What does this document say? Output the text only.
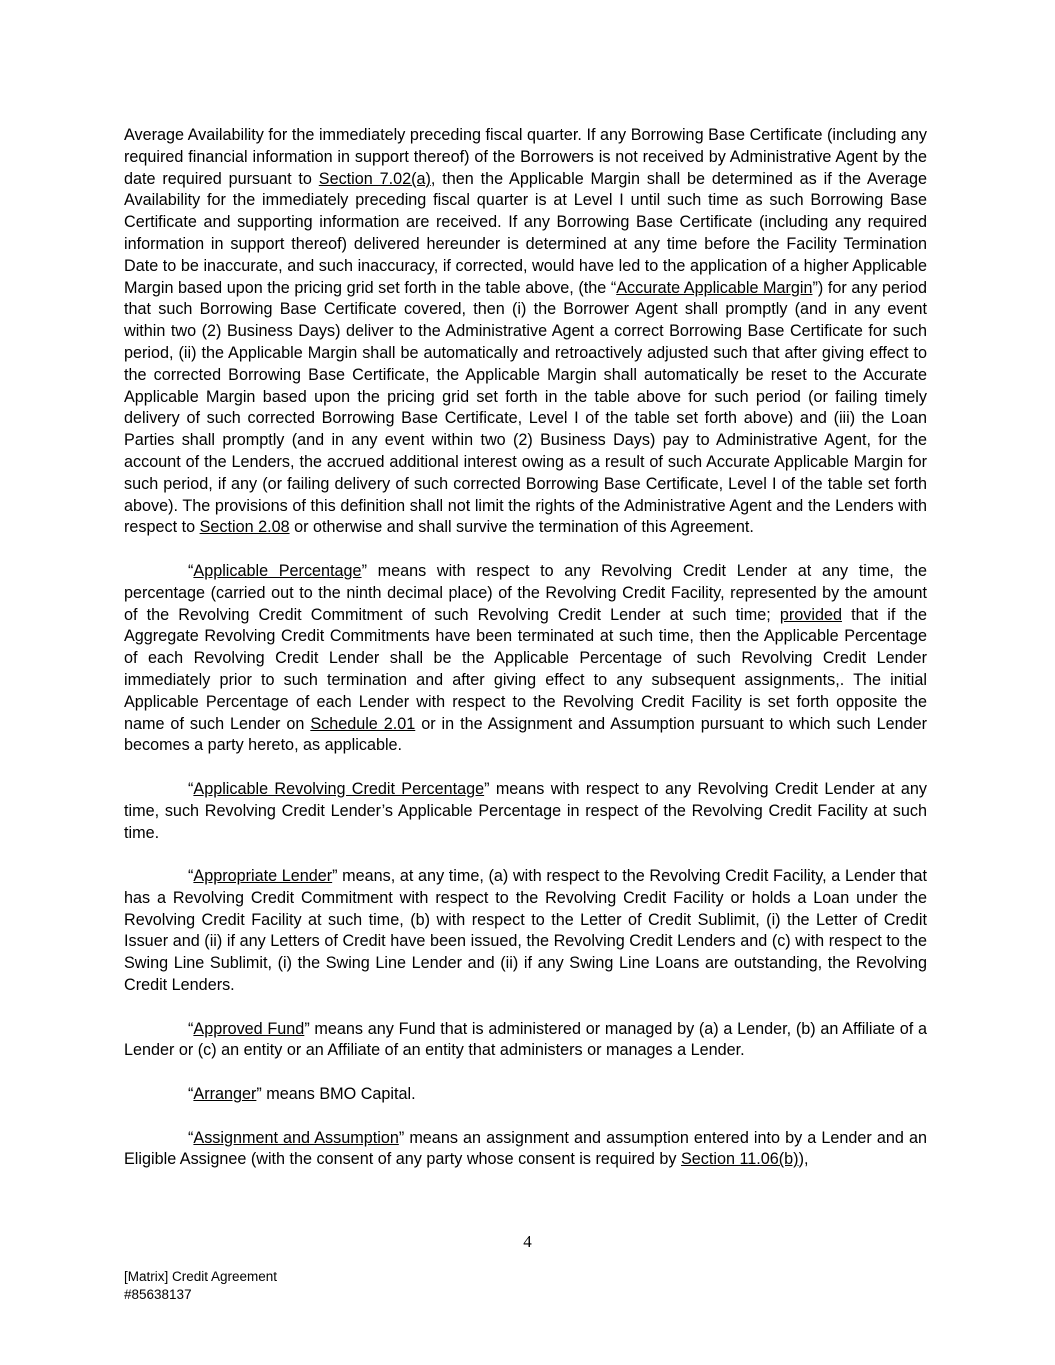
Average Availability for the immediately preceding fiscal quarter. If any Borrowing Base Certificate (including any required financial information in support thereof) of the Borrowers is not received by Administrative Agent by the date required pursuant to Section 7.02(a), then the Applicable Margin shall be determined as if the Average Availability for the immediately preceding fiscal quarter is at Level I until such time as such Borrowing Base Certificate and supporting information are received. If any Borrowing Base Certificate (including any required information in support thereof) delivered hereunder is determined at any time before the Facility Termination Date to be inaccurate, and such inaccuracy, if corrected, would have led to the application of a higher Applicable Margin based upon the pricing grid set forth in the table above, (the “Accurate Applicable Margin”) for any period that such Borrowing Base Certificate covered, then (i) the Borrower Agent shall promptly (and in any event within two (2) Business Days) deliver to the Administrative Agent a correct Borrowing Base Certificate for such period, (ii) the Applicable Margin shall be automatically and retroactively adjusted such that after giving effect to the corrected Borrowing Base Certificate, the Applicable Margin shall automatically be reset to the Accurate Applicable Margin based upon the pricing grid set forth in the table above for such period (or failing timely delivery of such corrected Borrowing Base Certificate, Level I of the table set forth above) and (iii) the Loan Parties shall promptly (and in any event within two (2) Business Days) pay to Administrative Agent, for the account of the Lenders, the accrued additional interest owing as a result of such Accurate Applicable Margin for such period, if any (or failing delivery of such corrected Borrowing Base Certificate, Level I of the table set forth above). The provisions of this definition shall not limit the rights of the Administrative Agent and the Lenders with respect to Section 2.08 or otherwise and shall survive the termination of this Agreement.

“Applicable Percentage” means with respect to any Revolving Credit Lender at any time, the percentage (carried out to the ninth decimal place) of the Revolving Credit Facility, represented by the amount of the Revolving Credit Commitment of such Revolving Credit Lender at such time; provided that if the Aggregate Revolving Credit Commitments have been terminated at such time, then the Applicable Percentage of each Revolving Credit Lender shall be the Applicable Percentage of such Revolving Credit Lender immediately prior to such termination and after giving effect to any subsequent assignments,. The initial Applicable Percentage of each Lender with respect to the Revolving Credit Facility is set forth opposite the name of such Lender on Schedule 2.01 or in the Assignment and Assumption pursuant to which such Lender becomes a party hereto, as applicable.

“Applicable Revolving Credit Percentage” means with respect to any Revolving Credit Lender at any time, such Revolving Credit Lender’s Applicable Percentage in respect of the Revolving Credit Facility at such time.

“Appropriate Lender” means, at any time, (a) with respect to the Revolving Credit Facility, a Lender that has a Revolving Credit Commitment with respect to the Revolving Credit Facility or holds a Loan under the Revolving Credit Facility at such time, (b) with respect to the Letter of Credit Sublimit, (i) the Letter of Credit Issuer and (ii) if any Letters of Credit have been issued, the Revolving Credit Lenders and (c) with respect to the Swing Line Sublimit, (i) the Swing Line Lender and (ii) if any Swing Line Loans are outstanding, the Revolving Credit Lenders.

“Approved Fund” means any Fund that is administered or managed by (a) a Lender, (b) an Affiliate of a Lender or (c) an entity or an Affiliate of an entity that administers or manages a Lender.

“Arranger” means BMO Capital.

“Assignment and Assumption” means an assignment and assumption entered into by a Lender and an Eligible Assignee (with the consent of any party whose consent is required by Section 11.06(b)),

4
[Matrix] Credit Agreement
#85638137
